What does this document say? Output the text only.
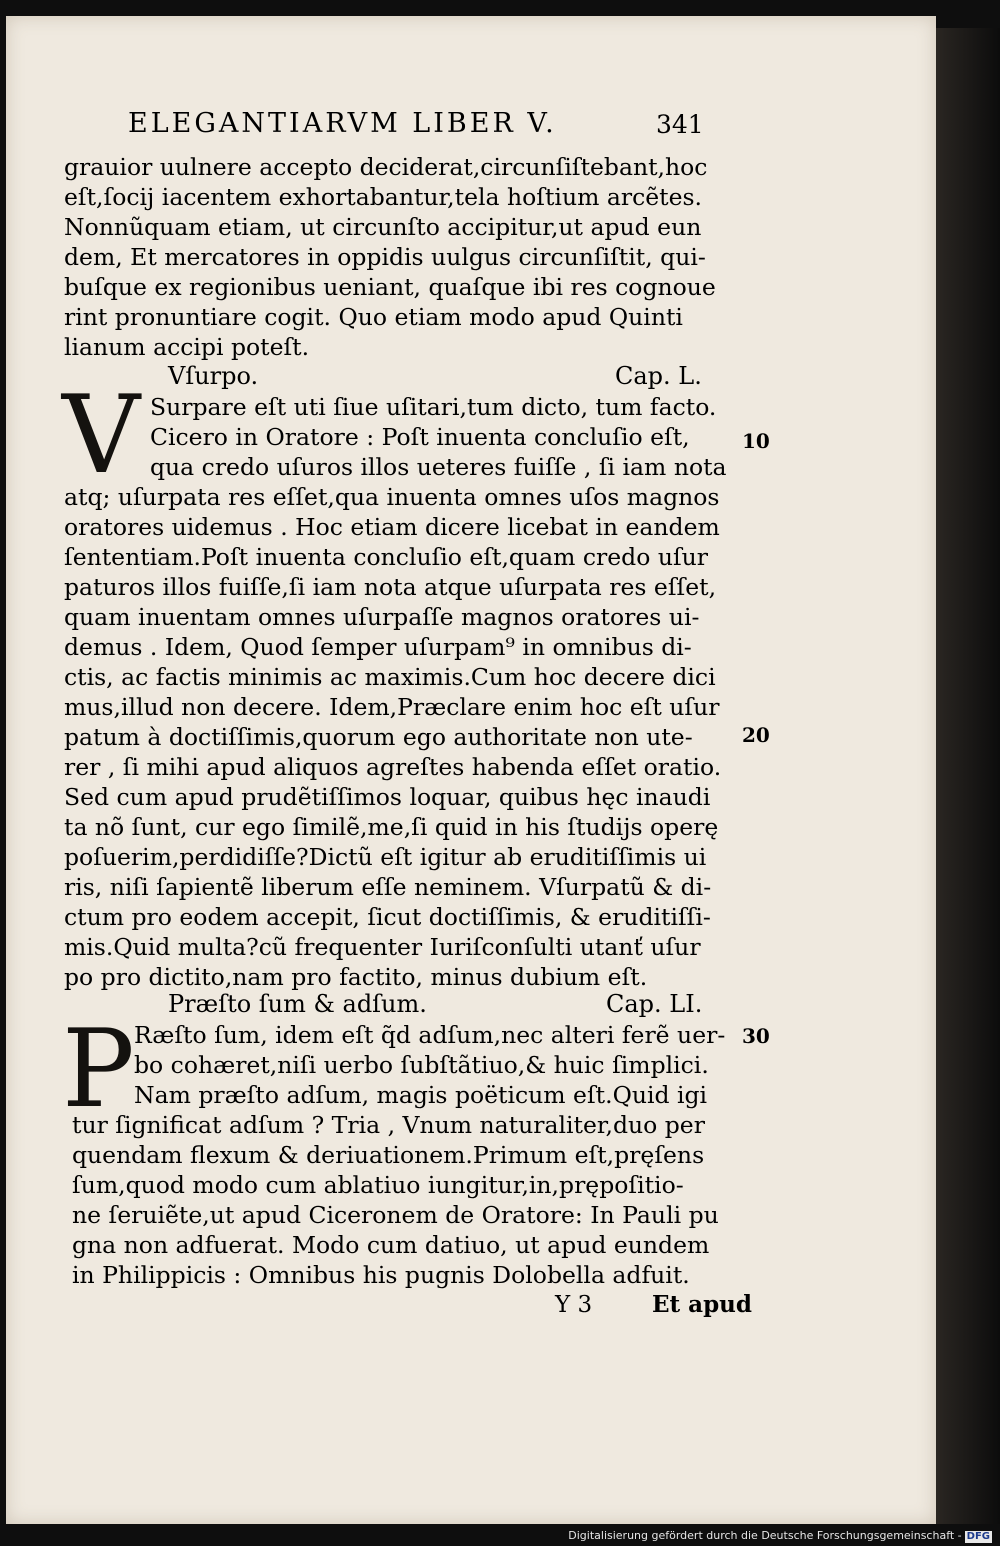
ELEGANTIARVM LIBER V.	341
grauior uulnere accepto deciderat,circunſiſtebant,hoc
eſt,ſocij iacentem exhortabantur,tela hoſtium arcẽtes.
Nonnũquam etiam, ut circunſto accipitur,ut apud eun
dem, Et mercatores in oppidis uulgus circunſiſtit, qui-
buſque ex regionibus ueniant, quaſque ibi res cognoue
rint pronuntiare cogit. Quo etiam modo apud Quinti
lianum accipi poteſt.
Vſurpo.	Cap. L.
V Surpare eſt uti ſiue uſitari,tum dicto, tum facto.
Cicero in Oratore : Poſt inuenta concluſio eſt,
qua credo uſuros illos ueteres fuiſſe , ſi iam nota
atq; uſurpata res eſſet,qua inuenta omnes uſos magnos
oratores uidemus . Hoc etiam dicere licebat in eandem
ſententiam.Poſt inuenta concluſio eſt,quam credo uſur
paturos illos fuiſſe,ſi iam nota atque uſurpata res eſſet,
quam inuentam omnes uſurpaſſe magnos oratores ui-
demus . Idem, Quod ſemper uſurpam⁹ in omnibus di-
ctis, ac factis minimis ac maximis.Cum hoc decere dici
mus,illud non decere. Idem,Præclare enim hoc eſt uſur
patum à doctiſſimis,quorum ego authoritate non ute-
rer , ſi mihi apud aliquos agreſtes habenda eſſet oratio.
Sed cum apud prudẽtiſſimos loquar, quibus hęc inaudi
ta nõ ſunt, cur ego ſimilẽ,me,ſi quid in his ſtudijs operę
poſuerim,perdidiſſe?Dictũ eſt igitur ab eruditiſſimis ui
ris, niſi ſapientẽ liberum eſſe neminem. Vſurpatũ & di-
ctum pro eodem accepit, ſicut doctiſſimis, & eruditiſſi-
mis.Quid multa?cũ frequenter Iuriſconſulti utanť uſur
po pro dictito,nam pro factito, minus dubium eſt.
Præſto ſum & adſum.	Cap. LI.
P Ræſto ſum, idem eſt q̃d adſum,nec alteri ferẽ uer-
bo cohæret,niſi uerbo ſubſtãtiuo,& huic ſimplici.
Nam præſto adſum, magis poëticum eſt.Quid igi
tur ſignificat adſum ? Tria , Vnum naturaliter,duo per
quendam flexum & deriuationem.Primum eſt,pręſens
ſum,quod modo cum ablatiuo iungitur,in,prępoſitio-
ne ſeruiẽte,ut apud Ciceronem de Oratore: In Pauli pu
gna non adfuerat. Modo cum datiuo, ut apud eundem
in Philippicis : Omnibus his pugnis Dolobella adfuit.
10
20
30
Y 3	Et apud
Digitalisierung gefördert durch die Deutsche Forschungsgemeinschaft - DFG
